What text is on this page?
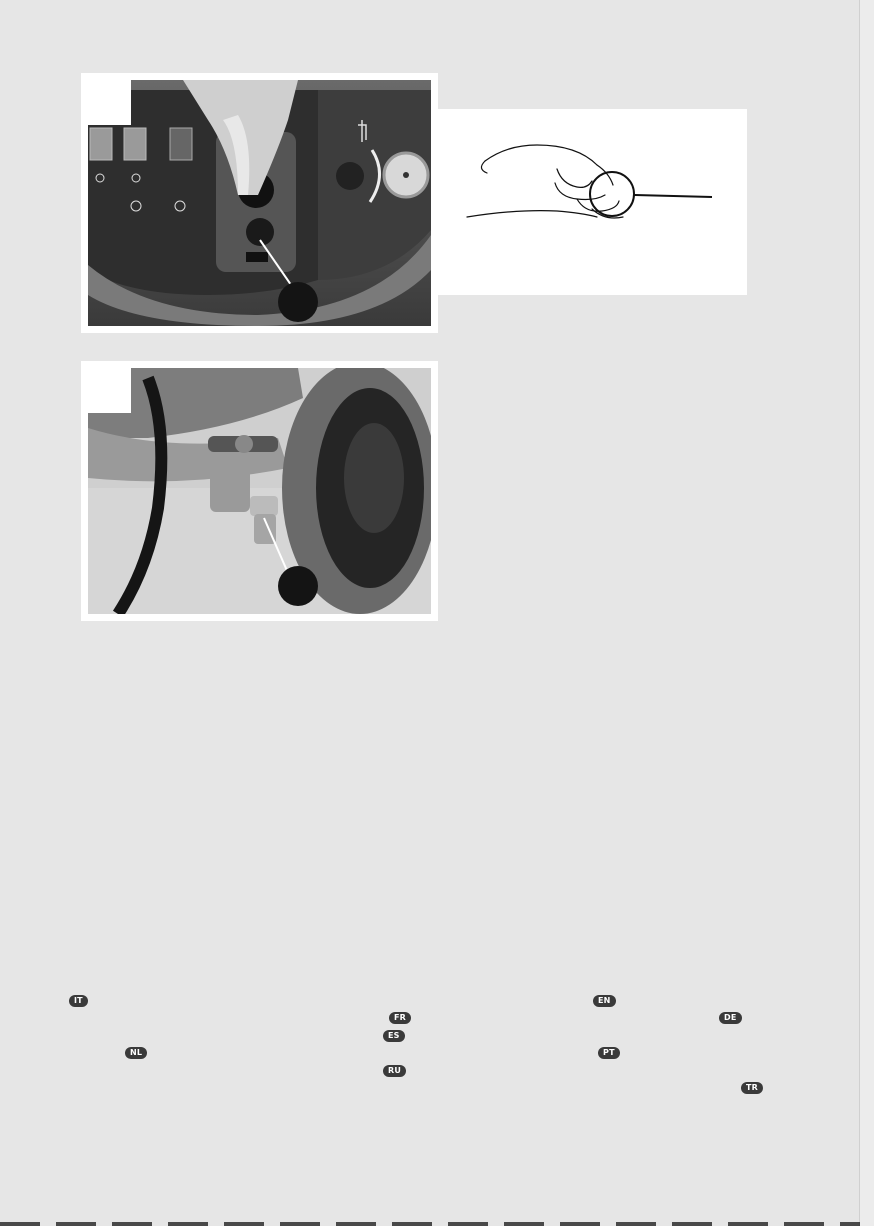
IT	EN
FR	DE
ES
NL	PT
RU
TR
